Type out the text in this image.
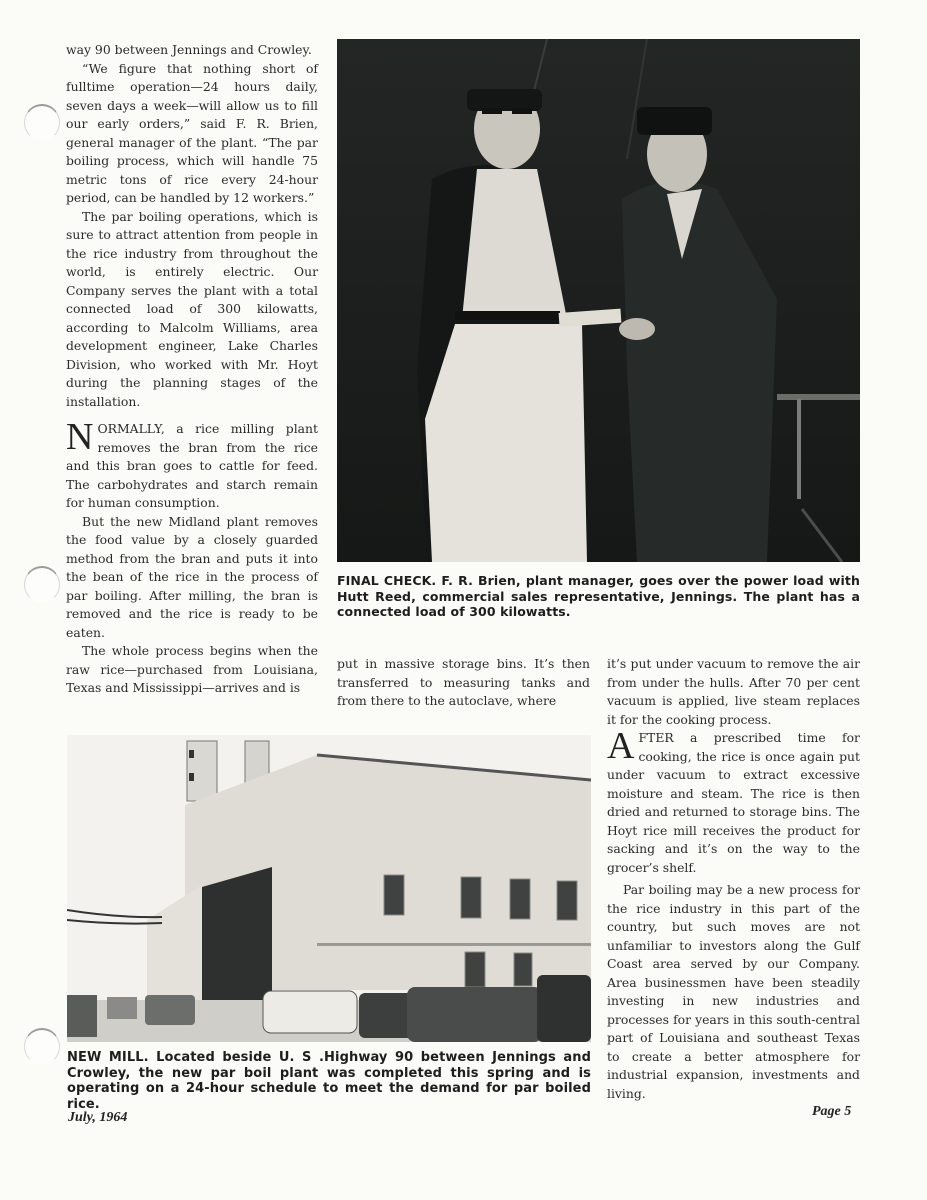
way 90 between Jennings and Crowley.

“We figure that nothing short of fulltime operation—24 hours daily, seven days a week—will allow us to fill our early orders,” said F. R. Brien, general manager of the plant. “The par boiling process, which will handle 75 metric tons of rice every 24-hour period, can be handled by 12 workers.”

The par boiling operations, which is sure to attract attention from people in the rice industry from throughout the world, is entirely electric. Our Company serves the plant with a total connected load of 300 kilowatts, according to Malcolm Williams, area development engineer, Lake Charles Division, who worked with Mr. Hoyt during the planning stages of the installation.

NORMALLY, a rice milling plant removes the bran from the rice and this bran goes to cattle for feed. The carbohydrates and starch remain for human consumption.

But the new Midland plant removes the food value by a closely guarded method from the bran and puts it into the bean of the rice in the process of par boiling. After milling, the bran is removed and the rice is ready to be eaten.

The whole process begins when the raw rice—purchased from Louisiana, Texas and Mississippi—arrives and is

FINAL CHECK. F. R. Brien, plant manager, goes over the power load with Hutt Reed, commercial sales representative, Jennings. The plant has a connected load of 300 kilowatts.

put in massive storage bins. It’s then transferred to measuring tanks and from there to the autoclave, where

it’s put under vacuum to remove the air from under the hulls. After 70 per cent vacuum is applied, live steam replaces it for the cooking process.

AFTER a prescribed time for cooking, the rice is once again put under vacuum to extract excessive moisture and steam. The rice is then dried and returned to storage bins. The Hoyt rice mill receives the product for sacking and it’s on the way to the grocer’s shelf.

Par boiling may be a new process for the rice industry in this part of the country, but such moves are not unfamiliar to investors along the Gulf Coast area served by our Company. Area businessmen have been steadily investing in new industries and processes for years in this south-central part of Louisiana and southeast Texas to create a better atmosphere for industrial expansion, investments and living.

NEW MILL. Located beside U. S .Highway 90 between Jennings and Crowley, the new par boil plant was completed this spring and is operating on a 24-hour schedule to meet the demand for par boiled rice.
July, 1964	Page 5
